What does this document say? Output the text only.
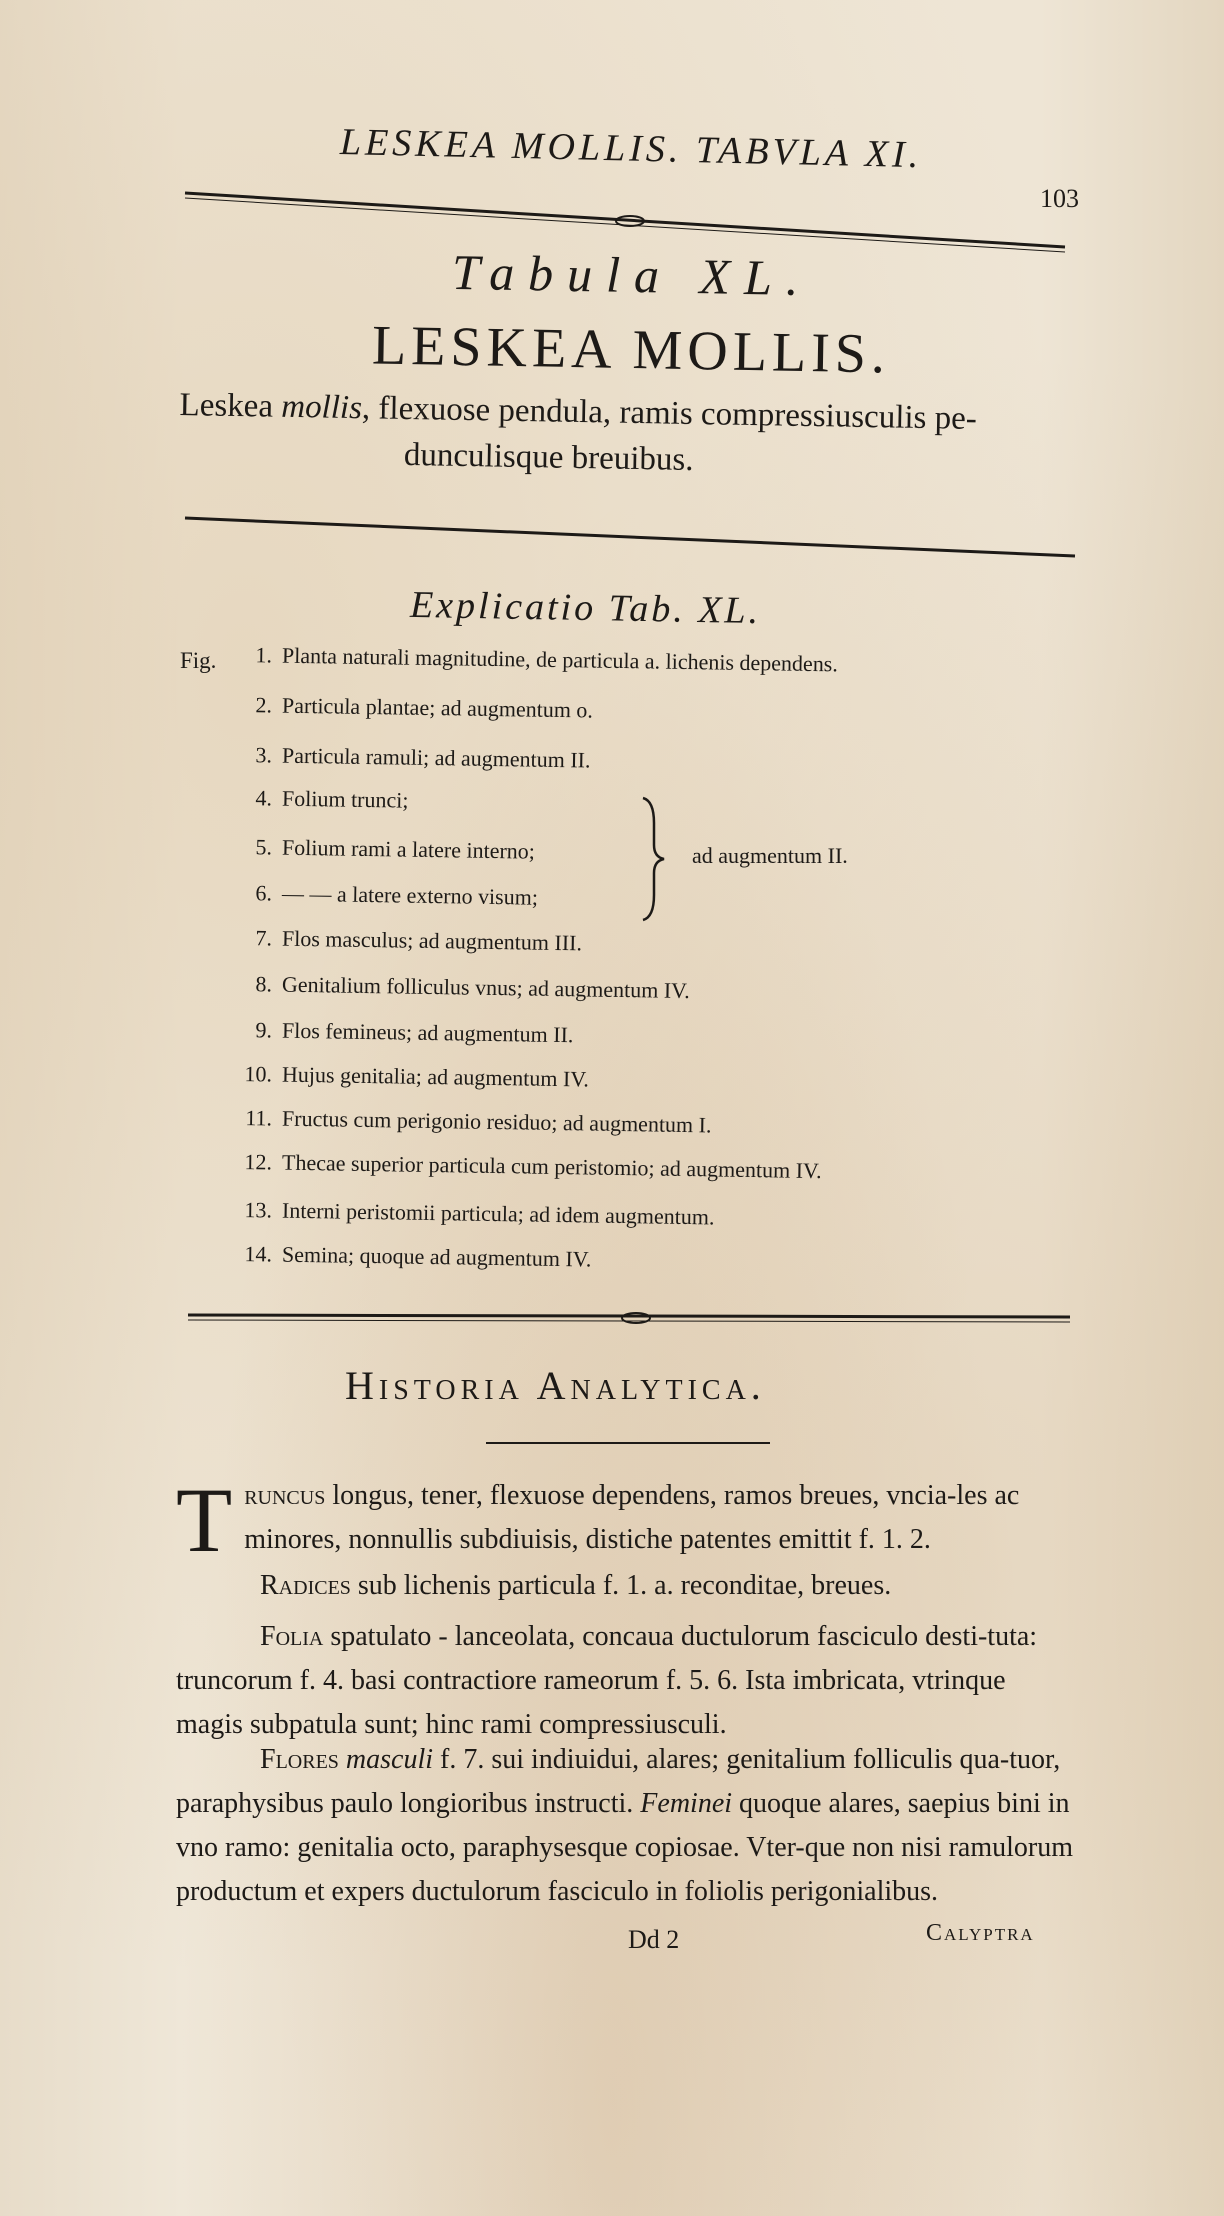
LESKEA MOLLIS. TABVLA XI.
103
Tabula XL.
LESKEA MOLLIS.
Leskea mollis, flexuose pendula, ramis compressiusculis pe-
dunculisque breuibus.
Explicatio Tab. XL.
Fig.	1. Planta naturali magnitudine, de particula a. lichenis dependens.
2. Particula plantae; ad augmentum o.
3. Particula ramuli; ad augmentum II.
4. Folium trunci;
5. Folium rami a latere interno;
6. — — a latere externo visum;
ad augmentum II.
7. Flos masculus; ad augmentum III.
8. Genitalium folliculus vnus; ad augmentum IV.
9. Flos femineus; ad augmentum II.
10. Hujus genitalia; ad augmentum IV.
11. Fructus cum perigonio residuo; ad augmentum I.
12. Thecae superior particula cum peristomio; ad augmentum IV.
13. Interni peristomii particula; ad idem augmentum.
14. Semina; quoque ad augmentum IV.
Historia Analytica.
T runcus longus, tener, flexuose dependens, ramos breues, vncia-les ac minores, nonnullis subdiuisis, distiche patentes emittit f. 1. 2.
Radices sub lichenis particula f. 1. a. reconditae, breues.
Folia spatulato - lanceolata, concaua ductulorum fasciculo desti-tuta: truncorum f. 4. basi contractiore rameorum f. 5. 6. Ista imbricata, vtrinque magis subpatula sunt; hinc rami compressiusculi.
Flores masculi f. 7. sui indiuidui, alares; genitalium folliculis qua-tuor, paraphysibus paulo longioribus instructi. Feminei quoque alares, saepius bini in vno ramo: genitalia octo, paraphysesque copiosae. Vter-que non nisi ramulorum productum et expers ductulorum fasciculo in foliolis perigonialibus.
Dd 2	Calyptra
